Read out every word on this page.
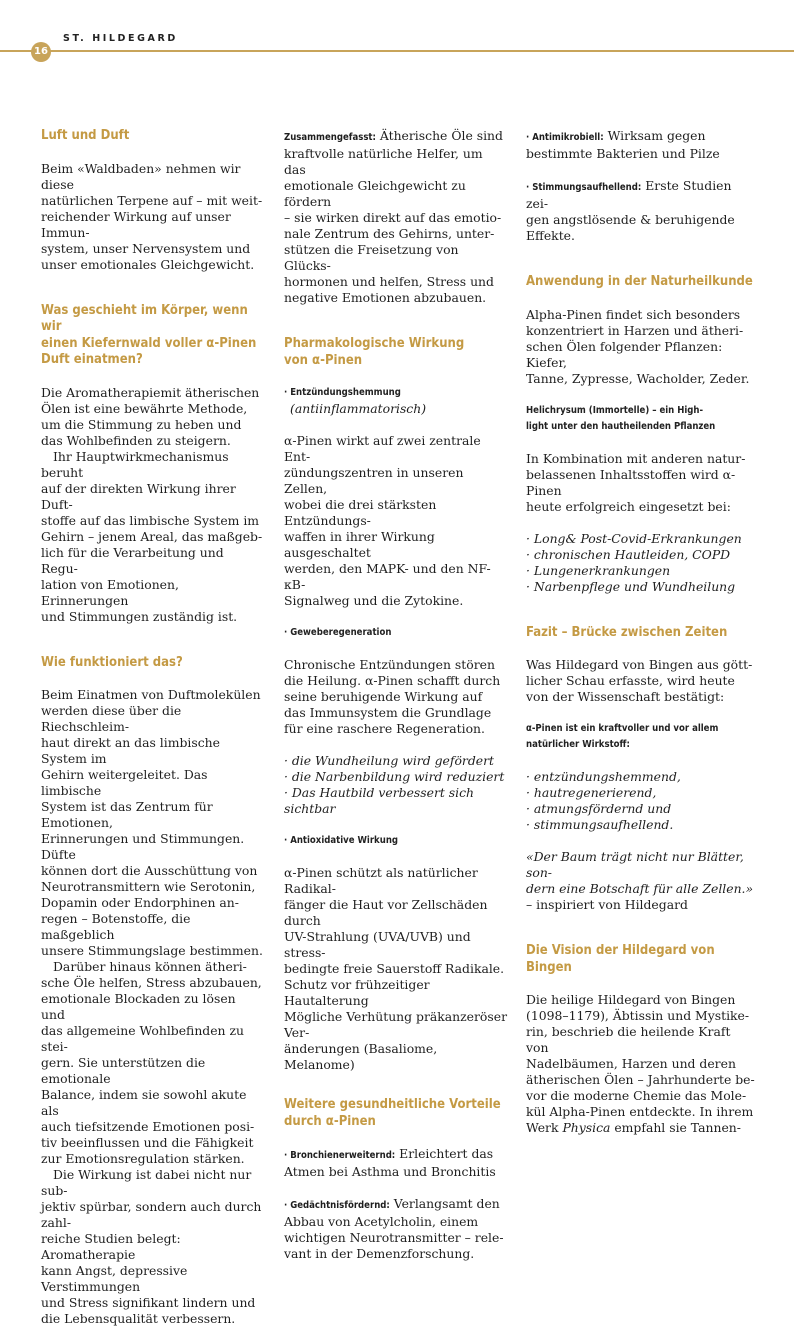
16
ST. HILDEGARD

Luft und Duft

Beim «Waldbaden» nehmen wir diese
natürlichen Terpene auf – mit weit-
reichender Wirkung auf unser Immun-
system, unser Nervensystem und
unser emotionales Gleichgewicht.

Was geschieht im Körper, wenn wir
einen Kiefernwald voller α-Pinen
Duft einatmen?

Die Aromatherapiemit ätherischen
Ölen ist eine bewährte Methode,
um die Stimmung zu heben und
das Wohlbefinden zu steigern.

Ihr Hauptwirkmechanismus beruht
auf der direkten Wirkung ihrer Duft-
stoffe auf das limbische System im
Gehirn – jenem Areal, das maßgeb-
lich für die Verarbeitung und Regu-
lation von Emotionen, Erinnerungen
und Stimmungen zuständig ist.

Wie funktioniert das?

Beim Einatmen von Duftmolekülen
werden diese über die Riechschleim-
haut direkt an das limbische System im
Gehirn weitergeleitet. Das limbische
System ist das Zentrum für Emotionen,
Erinnerungen und Stimmungen. Düfte
können dort die Ausschüttung von
Neurotransmittern wie Serotonin,
Dopamin oder Endorphinen an-
regen – Botenstoffe, die maßgeblich
unsere Stimmungslage bestimmen.

Darüber hinaus können ätheri-
sche Öle helfen, Stress abzubauen,
emotionale Blockaden zu lösen und
das allgemeine Wohlbefinden zu stei-
gern. Sie unterstützen die emotionale
Balance, indem sie sowohl akute als
auch tiefsitzende Emotionen posi-
tiv beeinflussen und die Fähigkeit
zur Emotionsregulation stärken.

Die Wirkung ist dabei nicht nur sub-
jektiv spürbar, sondern auch durch zahl-
reiche Studien belegt: Aromatherapie
kann Angst, depressive Verstimmungen
und Stress signifikant lindern und
die Lebensqualität verbessern.

Zusammengefasst: Ätherische Öle sind
kraftvolle natürliche Helfer, um das
emotionale Gleichgewicht zu fördern
– sie wirken direkt auf das emotio-
nale Zentrum des Gehirns, unter-
stützen die Freisetzung von Glücks-
hormonen und helfen, Stress und
negative Emotionen abzubauen.

Pharmakologische Wirkung
von α-Pinen

· Entzündungshemmung

(antiinflammatorisch)

α-Pinen wirkt auf zwei zentrale Ent-
zündungszentren in unseren Zellen,
wobei die drei stärksten Entzündungs-
waffen in ihrer Wirkung ausgeschaltet
werden, den MAPK- und den NF-κB-
Signalweg und die Zytokine.

· Geweberegeneration

Chronische Entzündungen stören
die Heilung. α-Pinen schafft durch
seine beruhigende Wirkung auf
das Immunsystem die Grundlage
für eine raschere Regeneration.

· die Wundheilung wird gefördert
· die Narbenbildung wird reduziert
· Das Hautbild verbessert sich sichtbar

· Antioxidative Wirkung

α-Pinen schützt als natürlicher Radikal-
fänger die Haut vor Zellschäden durch
UV-Strahlung (UVA/UVB) und stress-
bedingte freie Sauerstoff Radikale.
Schutz vor frühzeitiger Hautalterung
Mögliche Verhütung präkanzeröser Ver-
änderungen (Basaliome, Melanome)

Weitere gesundheitliche Vorteile
durch α-Pinen

· Bronchienerweiternd: Erleichtert das
Atmen bei Asthma und Bronchitis

· Gedächtnisfördernd: Verlangsamt den
Abbau von Acetylcholin, einem
wichtigen Neurotransmitter – rele-
vant in der Demenzforschung.

· Antimikrobiell: Wirksam gegen
bestimmte Bakterien und Pilze

· Stimmungsaufhellend: Erste Studien zei-
gen angstlösende & beruhigende Effekte.

Anwendung in der Naturheilkunde

Alpha-Pinen findet sich besonders
konzentriert in Harzen und ätheri-
schen Ölen folgender Pflanzen: Kiefer,
Tanne, Zypresse, Wacholder, Zeder.

Helichrysum (Immortelle) – ein High-
light unter den hautheilenden Pflanzen

In Kombination mit anderen natur-
belassenen Inhaltsstoffen wird α-Pinen
heute erfolgreich eingesetzt bei:

· Long& Post-Covid-Erkrankungen
· chronischen Hautleiden, COPD
· Lungenerkrankungen
· Narbenpflege und Wundheilung

Fazit – Brücke zwischen Zeiten

Was Hildegard von Bingen aus gött-
licher Schau erfasste, wird heute
von der Wissenschaft bestätigt:

α-Pinen ist ein kraftvoller und vor allem
natürlicher Wirkstoff:

· entzündungshemmend,
· hautregenerierend,
· atmungsfördernd und
· stimmungsaufhellend.

«Der Baum trägt nicht nur Blätter, son-
dern eine Botschaft für alle Zellen.»

– inspiriert von Hildegard

Die Vision der Hildegard von Bingen

Die heilige Hildegard von Bingen
(1098–1179), Äbtissin und Mystike-
rin, beschrieb die heilende Kraft von
Nadelbäumen, Harzen und deren
ätherischen Ölen – Jahrhunderte be-
vor die moderne Chemie das Mole-
kül Alpha-Pinen entdeckte. In ihrem
Werk Physica empfahl sie Tannen-
